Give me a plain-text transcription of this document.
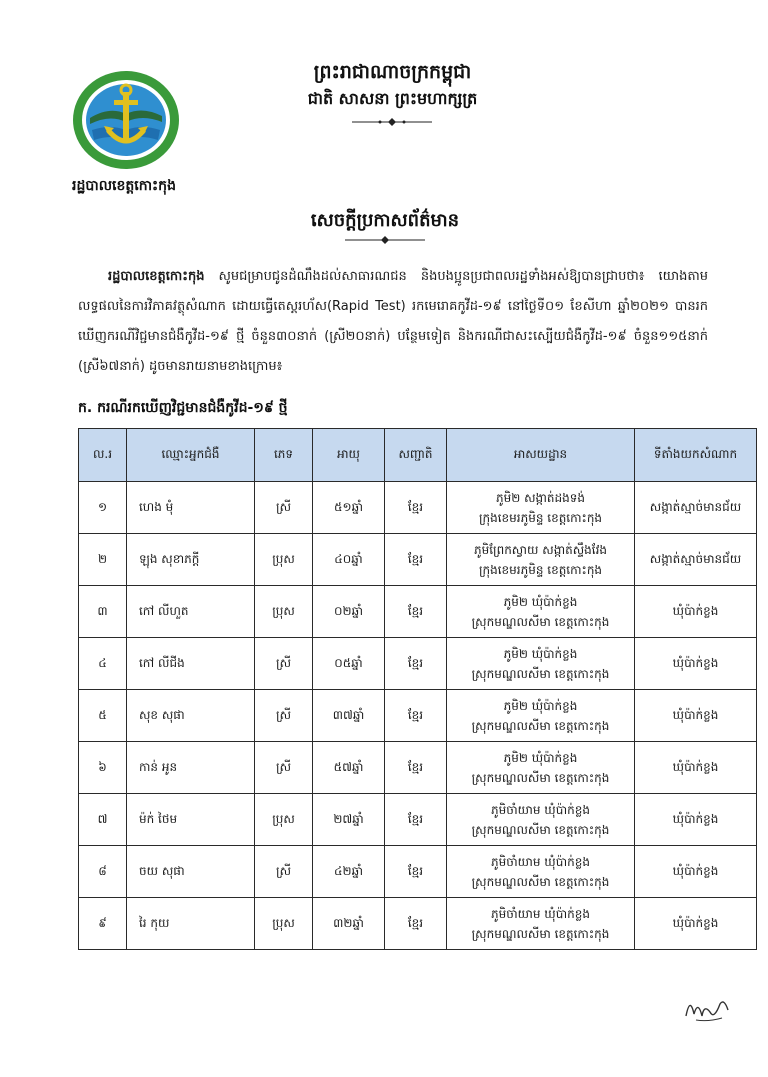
រដ្ឋបាលខេត្តកោះកុង
ព្រះរាជាណាចក្រកម្ពុជា
ជាតិ សាសនា ព្រះមហាក្សត្រ
សេចក្ដីប្រកាសព័ត៌មាន
រដ្ឋបាលខេត្តកោះកុង សូមជម្រាបជូនដំណឹងដល់សាធារណជន និងបងប្អូនប្រជាពលរដ្ឋទាំងអស់ឱ្យបានជ្រាបថា៖ យោងតាមលទ្ធផលនៃការវិភាគវត្ថុសំណាក ដោយធ្វើតេស្តរហ័ស(Rapid Test) រកមេរោគកូវីដ-១៩ នៅថ្ងៃទី០១ ខែសីហា ឆ្នាំ២០២១ បានរកឃើញករណីវិជ្ជមានជំងឺកូវីដ-១៩ ថ្មី ចំនួន៣០នាក់ (ស្រី២០នាក់) បន្ថែមទៀត និងករណីជាសះស្បើយជំងឺកូវីដ-១៩ ចំនួន១១៥នាក់ (ស្រី៦៧នាក់) ដូចមានរាយនាមខាងក្រោម៖
ក. ករណីរកឃើញវិជ្ជមានជំងឺកូវីដ-១៩ ថ្មី
ល.រ	ឈ្មោះអ្នកជំងឺ	ភេទ	អាយុ	សញ្ជាតិ	អាសយដ្ឋាន	ទីតាំងយកសំណាក
១	ហេង មុំ	ស្រី	៥១ឆ្នាំ	ខ្មែរ	ភូមិ២ សង្កាត់ដងទង់
ក្រុងខេមរភូមិន្ទ ខេត្តកោះកុង	សង្កាត់ស្មាច់មានជ័យ
២	ឡុង សុខាភក្តី	ប្រុស	៤០ឆ្នាំ	ខ្មែរ	ភូមិព្រែកស្វាយ សង្កាត់ស្ទឹងវែង
ក្រុងខេមរភូមិន្ទ ខេត្តកោះកុង	សង្កាត់ស្មាច់មានជ័យ
៣	កៅ លីហួត	ប្រុស	០២ឆ្នាំ	ខ្មែរ	ភូមិ២ ឃុំប៉ាក់ខ្លង
ស្រុកមណ្ឌលសីមា ខេត្តកោះកុង	ឃុំប៉ាក់ខ្លង
៤	កៅ លីជីង	ស្រី	០៥ឆ្នាំ	ខ្មែរ	ភូមិ២ ឃុំប៉ាក់ខ្លង
ស្រុកមណ្ឌលសីមា ខេត្តកោះកុង	ឃុំប៉ាក់ខ្លង
៥	សុខ សុផា	ស្រី	៣៧ឆ្នាំ	ខ្មែរ	ភូមិ២ ឃុំប៉ាក់ខ្លង
ស្រុកមណ្ឌលសីមា ខេត្តកោះកុង	ឃុំប៉ាក់ខ្លង
៦	កាន់ អូន	ស្រី	៥៧ឆ្នាំ	ខ្មែរ	ភូមិ២ ឃុំប៉ាក់ខ្លង
ស្រុកមណ្ឌលសីមា ខេត្តកោះកុង	ឃុំប៉ាក់ខ្លង
៧	ម៉ក់ ថៃម	ប្រុស	២៧ឆ្នាំ	ខ្មែរ	ភូមិចាំយាម ឃុំប៉ាក់ខ្លង
ស្រុកមណ្ឌលសីមា ខេត្តកោះកុង	ឃុំប៉ាក់ខ្លង
៨	ចយ សុផា	ស្រី	៤២ឆ្នាំ	ខ្មែរ	ភូមិចាំយាម ឃុំប៉ាក់ខ្លង
ស្រុកមណ្ឌលសីមា ខេត្តកោះកុង	ឃុំប៉ាក់ខ្លង
៩	រៃ កុយ	ប្រុស	៣២ឆ្នាំ	ខ្មែរ	ភូមិចាំយាម ឃុំប៉ាក់ខ្លង
ស្រុកមណ្ឌលសីមា ខេត្តកោះកុង	ឃុំប៉ាក់ខ្លង
